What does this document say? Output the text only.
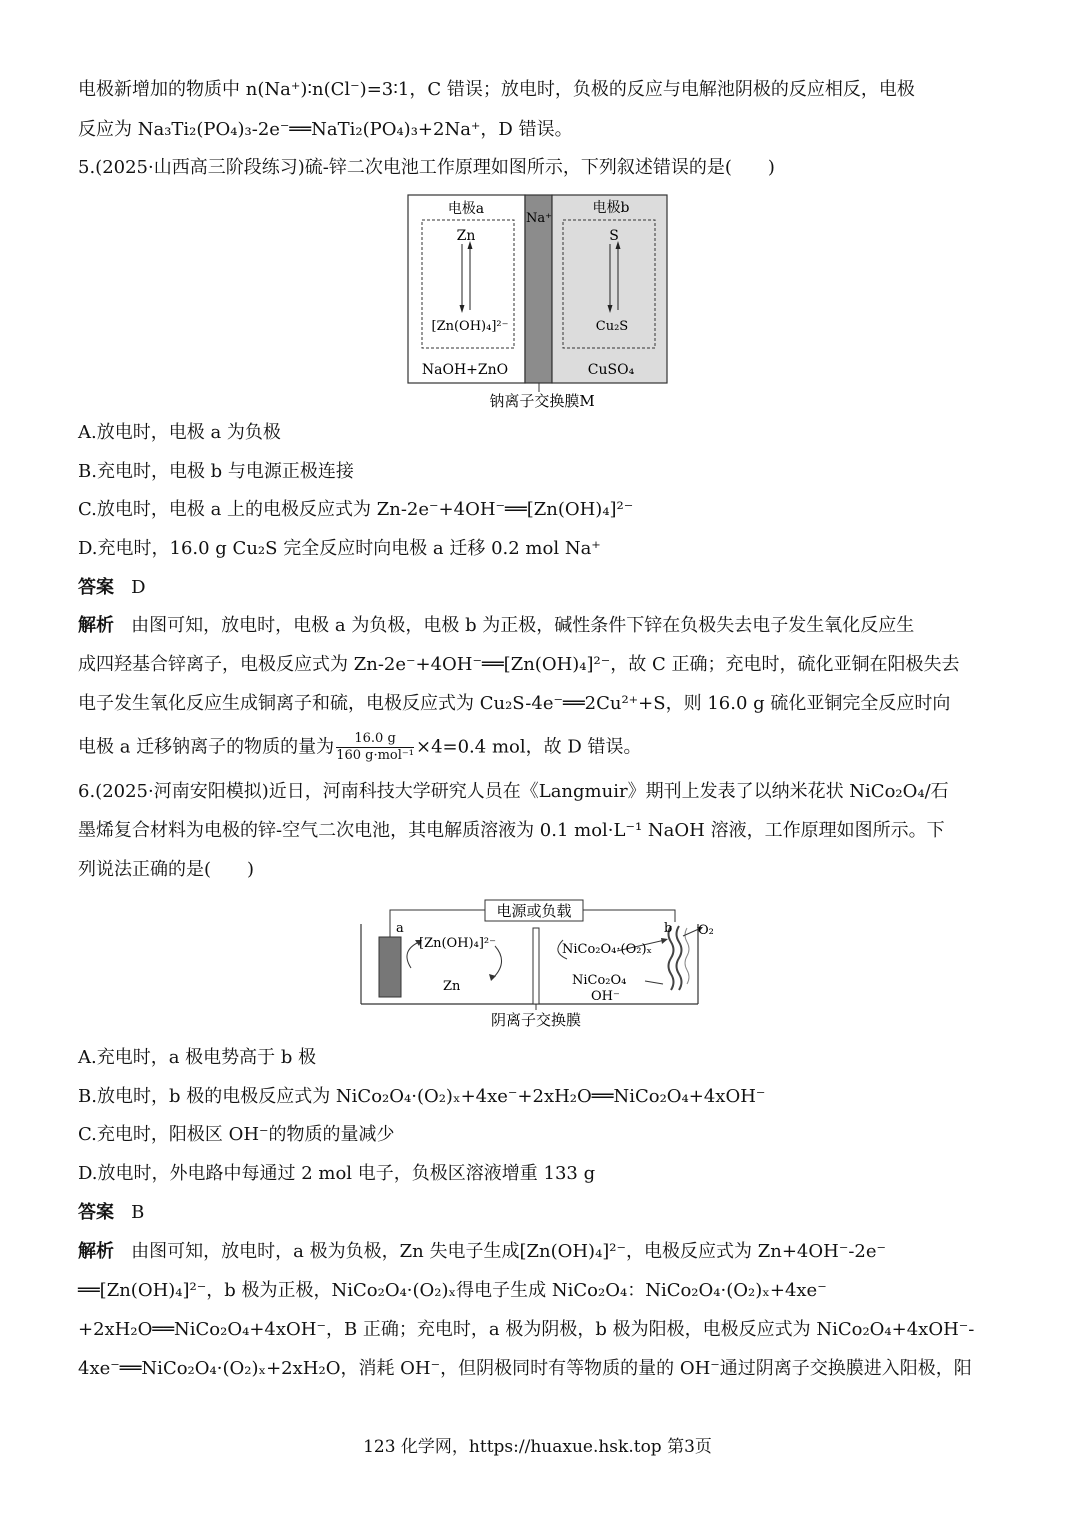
电极新增加的物质中 n(Na⁺)∶n(Cl⁻)=3∶1，C 错误；放电时，负极的反应与电解池阴极的反应相反，电极
反应为 Na₃Ti₂(PO₄)₃-2e⁻══NaTi₂(PO₄)₃+2Na⁺，D 错误。
5.(2025·山西高三阶段练习)硫-锌二次电池工作原理如图所示，下列叙述错误的是(　　)
电极a	电极b
Na⁺
Zn
[Zn(OH)₄]²⁻
S
Cu₂S
NaOH+ZnO	CuSO₄
钠离子交换膜M
A.放电时，电极 a 为负极
B.充电时，电极 b 与电源正极连接
C.放电时，电极 a 上的电极反应式为 Zn-2e⁻+4OH⁻══[Zn(OH)₄]²⁻
D.充电时，16.0 g Cu₂S 完全反应时向电极 a 迁移 0.2 mol Na⁺
答案 D
解析 由图可知，放电时，电极 a 为负极，电极 b 为正极，碱性条件下锌在负极失去电子发生氧化反应生
成四羟基合锌离子，电极反应式为 Zn-2e⁻+4OH⁻══[Zn(OH)₄]²⁻，故 C 正确；充电时，硫化亚铜在阳极失去
电子发生氧化反应生成铜离子和硫，电极反应式为 Cu₂S-4e⁻══2Cu²⁺+S，则 16.0 g 硫化亚铜完全反应时向
电极 a 迁移钠离子的物质的量为 $\frac{16.0 g}{\text{160 g·mol⁻¹}} \times 4=0.4$ mol，故 D 错误。
6.(2025·河南安阳模拟)近日，河南科技大学研究人员在《Langmuir》期刊上发表了以纳米花状 NiCo₂O₄/石
墨烯复合材料为电极的锌-空气二次电池，其电解质溶液为 0.1 mol·L⁻¹ NaOH 溶液，工作原理如图所示。下
列说法正确的是(　　)
电源或负载
a	b
[Zn(OH)₄]²⁻
Zn
NiCo₂O₄·(O₂)ₓ
NiCo₂O₄
OH⁻
O₂
阴离子交换膜
A.充电时，a 极电势高于 b 极
B.放电时，b 极的电极反应式为 NiCo₂O₄·(O₂)ₓ+4xe⁻+2xH₂O══NiCo₂O₄+4xOH⁻
C.充电时，阳极区 OH⁻的物质的量减少
D.放电时，外电路中每通过 2 mol 电子，负极区溶液增重 133 g
答案 B
解析 由图可知，放电时，a 极为负极，Zn 失电子生成[Zn(OH)₄]²⁻，电极反应式为 Zn+4OH⁻-2e⁻
══[Zn(OH)₄]²⁻，b 极为正极，NiCo₂O₄·(O₂)ₓ得电子生成 NiCo₂O₄：NiCo₂O₄·(O₂)ₓ+4xe⁻
+2xH₂O══NiCo₂O₄+4xOH⁻，B 正确；充电时，a 极为阴极，b 极为阳极，电极反应式为 NiCo₂O₄+4xOH⁻-
4xe⁻══NiCo₂O₄·(O₂)ₓ+2xH₂O，消耗 OH⁻，但阴极同时有等物质的量的 OH⁻通过阴离子交换膜进入阳极，阳
123 化学网，https://huaxue.hsk.top 第3页
